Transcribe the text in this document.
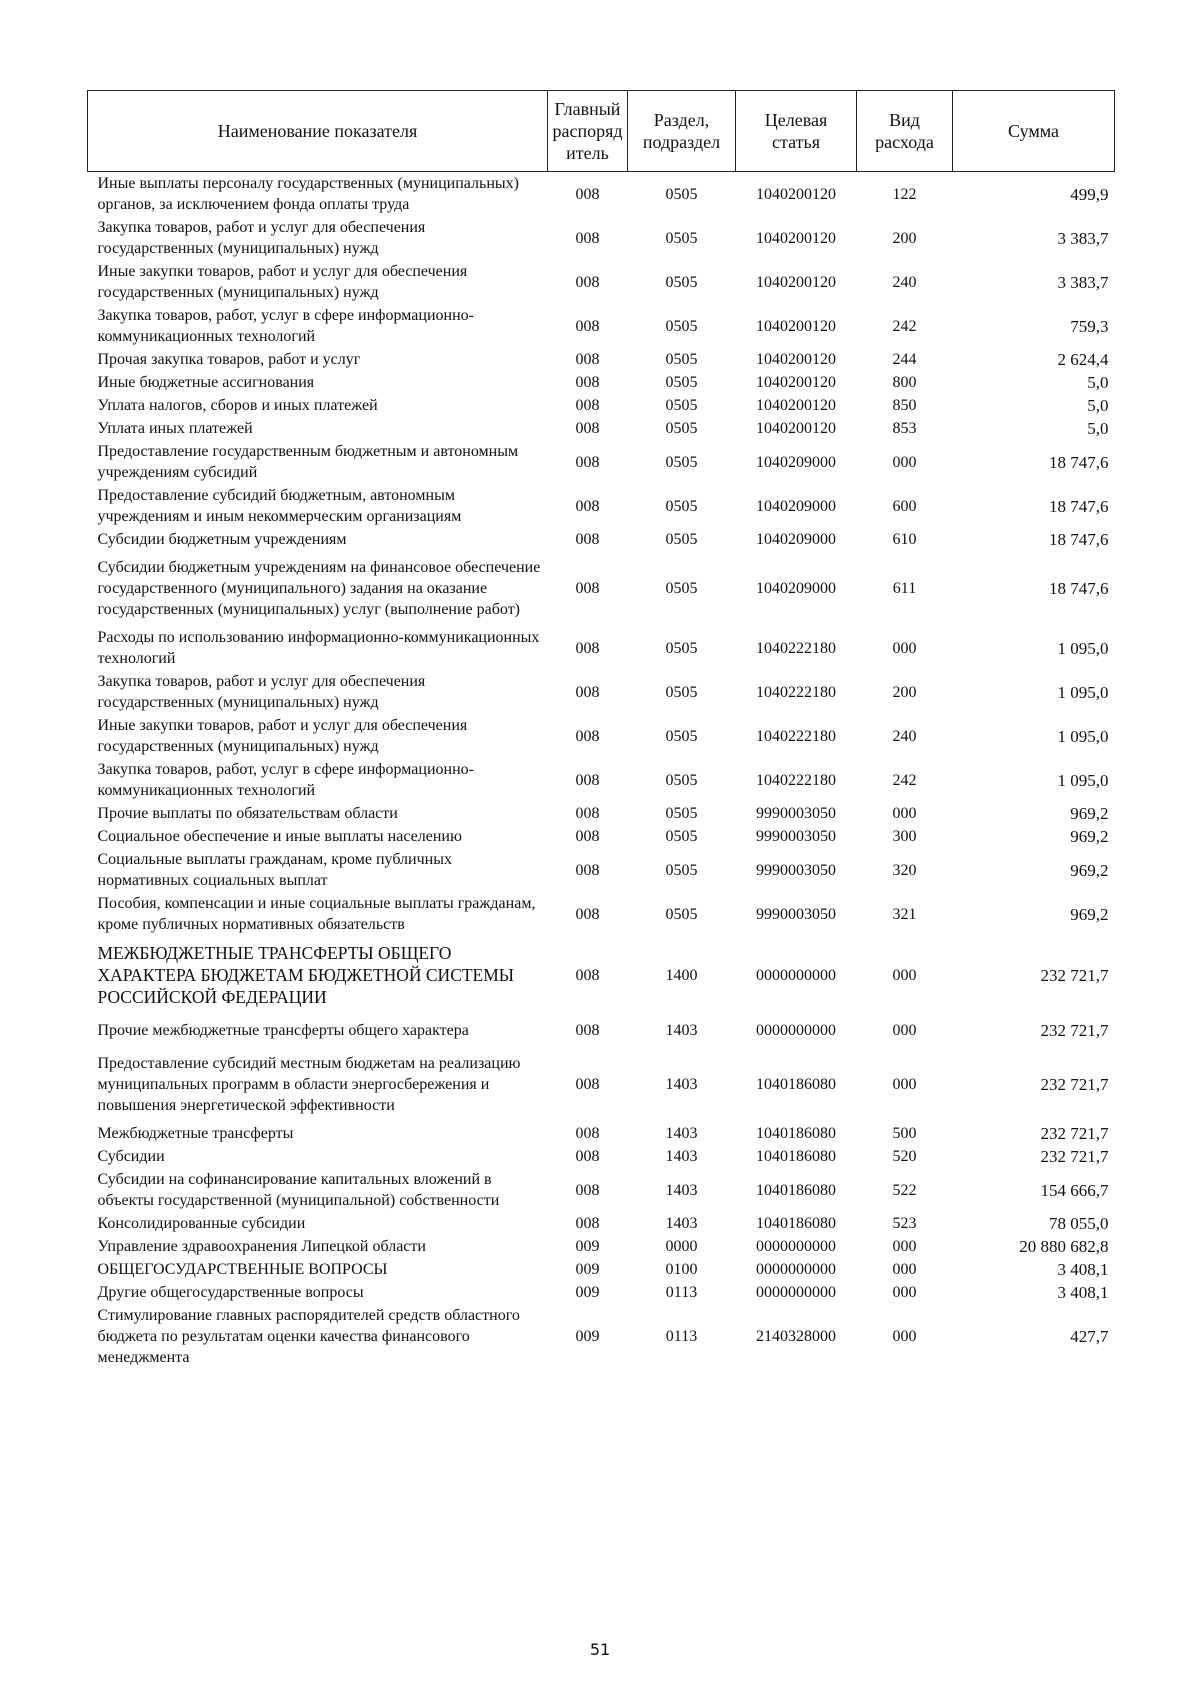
Наименование показателя	Главный распоряд итель	Раздел, подраздел	Целевая статья	Вид расхода	Сумма
Иные выплаты персоналу государственных (муниципальных) органов, за исключением фонда оплаты труда	008	0505	1040200120	122	499,9
Закупка товаров, работ и услуг для обеспечения государственных (муниципальных) нужд	008	0505	1040200120	200	3 383,7
Иные закупки товаров, работ и услуг для обеспечения государственных (муниципальных) нужд	008	0505	1040200120	240	3 383,7
Закупка товаров, работ, услуг в сфере информационно-коммуникационных технологий	008	0505	1040200120	242	759,3
Прочая закупка товаров, работ и услуг	008	0505	1040200120	244	2 624,4
Иные бюджетные ассигнования	008	0505	1040200120	800	5,0
Уплата налогов, сборов и иных платежей	008	0505	1040200120	850	5,0
Уплата иных платежей	008	0505	1040200120	853	5,0
Предоставление государственным бюджетным и автономным учреждениям субсидий	008	0505	1040209000	000	18 747,6
Предоставление субсидий бюджетным, автономным учреждениям и иным некоммерческим организациям	008	0505	1040209000	600	18 747,6
Субсидии бюджетным учреждениям	008	0505	1040209000	610	18 747,6
Субсидии бюджетным учреждениям на финансовое обеспечение государственного (муниципального) задания на оказание государственных (муниципальных) услуг (выполнение работ)	008	0505	1040209000	611	18 747,6
Расходы по использованию информационно-коммуникационных технологий	008	0505	1040222180	000	1 095,0
Закупка товаров, работ и услуг для обеспечения государственных (муниципальных) нужд	008	0505	1040222180	200	1 095,0
Иные закупки товаров, работ и услуг для обеспечения государственных (муниципальных) нужд	008	0505	1040222180	240	1 095,0
Закупка товаров, работ, услуг в сфере информационно-коммуникационных технологий	008	0505	1040222180	242	1 095,0
Прочие выплаты по обязательствам области	008	0505	9990003050	000	969,2
Социальное обеспечение и иные выплаты населению	008	0505	9990003050	300	969,2
Социальные выплаты гражданам, кроме публичных нормативных социальных выплат	008	0505	9990003050	320	969,2
Пособия, компенсации и иные социальные выплаты гражданам, кроме публичных нормативных обязательств	008	0505	9990003050	321	969,2
МЕЖБЮДЖЕТНЫЕ ТРАНСФЕРТЫ ОБЩЕГО ХАРАКТЕРА БЮДЖЕТАМ БЮДЖЕТНОЙ СИСТЕМЫ РОССИЙСКОЙ ФЕДЕРАЦИИ	008	1400	0000000000	000	232 721,7
Прочие межбюджетные трансферты общего характера	008	1403	0000000000	000	232 721,7
Предоставление субсидий местным бюджетам на реализацию муниципальных программ в области энергосбережения и повышения энергетической эффективности	008	1403	1040186080	000	232 721,7
Межбюджетные трансферты	008	1403	1040186080	500	232 721,7
Субсидии	008	1403	1040186080	520	232 721,7
Субсидии на софинансирование капитальных вложений в объекты государственной (муниципальной) собственности	008	1403	1040186080	522	154 666,7
Консолидированные субсидии	008	1403	1040186080	523	78 055,0
Управление здравоохранения Липецкой области	009	0000	0000000000	000	20 880 682,8
ОБЩЕГОСУДАРСТВЕННЫЕ ВОПРОСЫ	009	0100	0000000000	000	3 408,1
Другие общегосударственные вопросы	009	0113	0000000000	000	3 408,1
Стимулирование главных распорядителей средств областного бюджета по результатам оценки качества финансового менеджмента	009	0113	2140328000	000	427,7
51
